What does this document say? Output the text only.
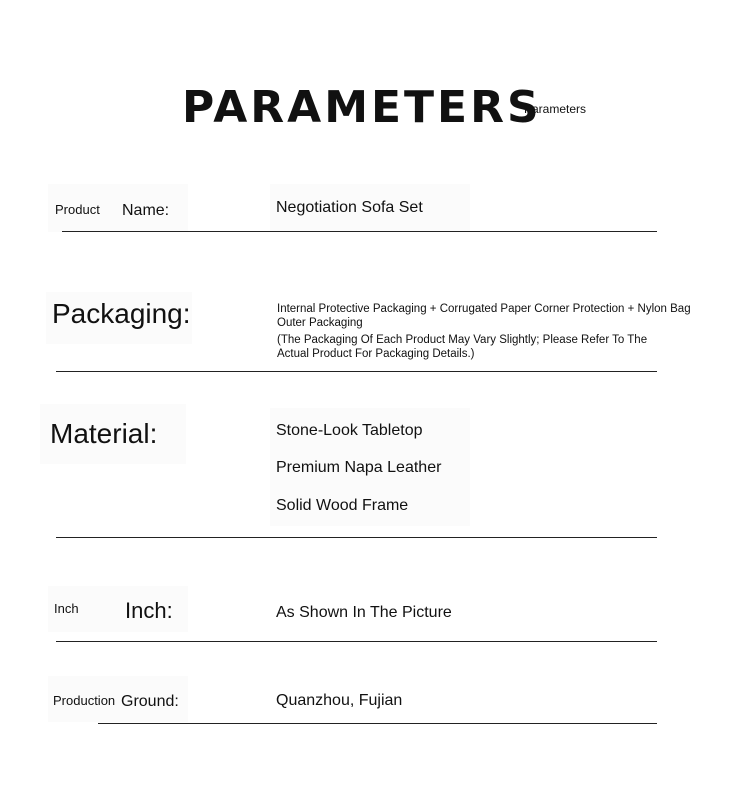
PARAMETERS
Parameters
Product Name:	Negotiation Sofa Set
Packaging:	Internal Protective Packaging + Corrugated Paper Corner Protection + Nylon Bag Outer Packaging
(The Packaging Of Each Product May Vary Slightly; Please Refer To The Actual Product For Packaging Details.)
Material:	Stone-Look Tabletop
Premium Napa Leather
Solid Wood Frame
Inch Inch:	As Shown In The Picture
Production Ground:	Quanzhou, Fujian
